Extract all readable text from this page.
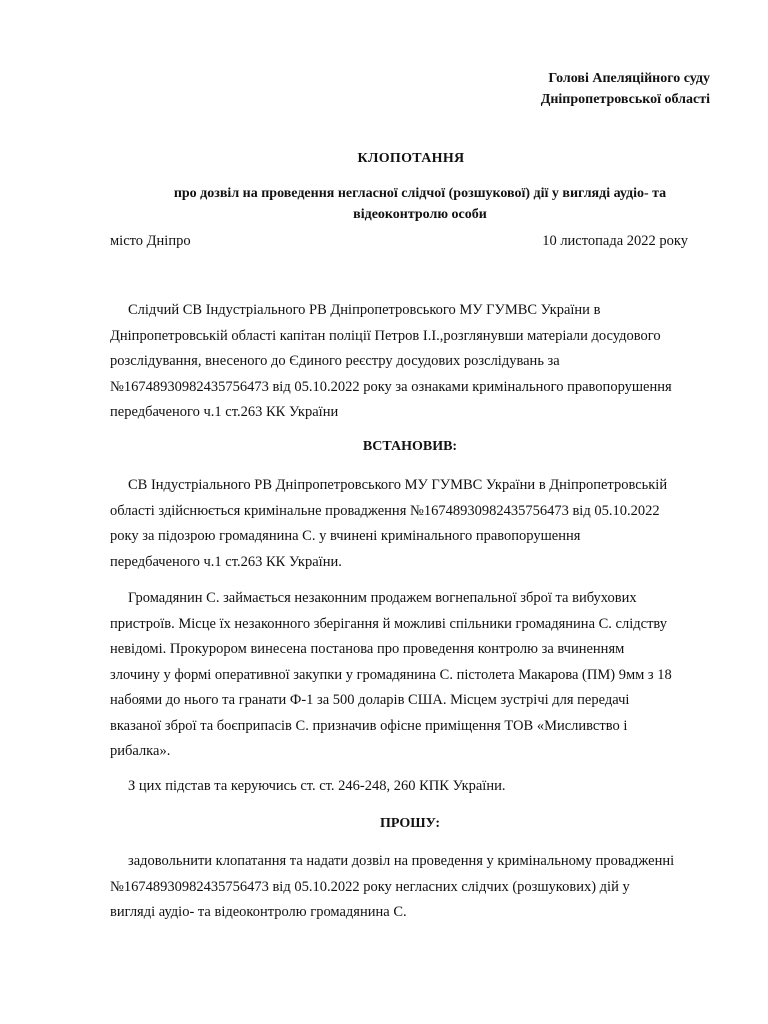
Голові Апеляційного суду
Дніпропетровської області
КЛОПОТАННЯ
про дозвіл на проведення негласної слідчої (розшукової) дії у вигляді аудіо- та
відеоконтролю особи
місто Дніпро	10 листопада 2022 року
Слідчий СВ Індустріального РВ Дніпропетровського МУ ГУМВС України в
Дніпропетровській області капітан поліції Петров І.І.,розглянувши матеріали досудового
розслідування, внесеного до Єдиного реєстру досудових розслідувань за
№16748930982435756473 від 05.10.2022 року за ознаками кримінального правопорушення
передбаченого ч.1 ст.263 КК України
ВСТАНОВИВ:
СВ Індустріального РВ Дніпропетровського МУ ГУМВС України в Дніпропетровській
області здійснюється кримінальне провадження №16748930982435756473 від 05.10.2022
року за підозрою громадянина С. у вчинені кримінального правопорушення
передбаченого ч.1 ст.263 КК України.
Громадянин С. займається незаконним продажем вогнепальної зброї та вибухових
пристроїв. Місце їх незаконного зберігання й можливі спільники громадянина С. слідству
невідомі. Прокурором винесена постанова про проведення контролю за вчиненням
злочину у формі оперативної закупки у громадянина С. пістолета Макарова (ПМ) 9мм з 18
набоями до нього та гранати Ф-1 за 500 доларів США. Місцем зустрічі для передачі
вказаної зброї та боєприпасів С. призначив офісне приміщення ТОВ «Мисливство і
рибалка».
З цих підстав та керуючись ст. ст. 246-248, 260 КПК України.
ПРОШУ:
задовольнити клопатання та надати дозвіл на проведення у кримінальному провадженні
№16748930982435756473 від 05.10.2022 року негласних слідчих (розшукових) дій у
вигляді аудіо- та відеоконтролю громадянина С.
